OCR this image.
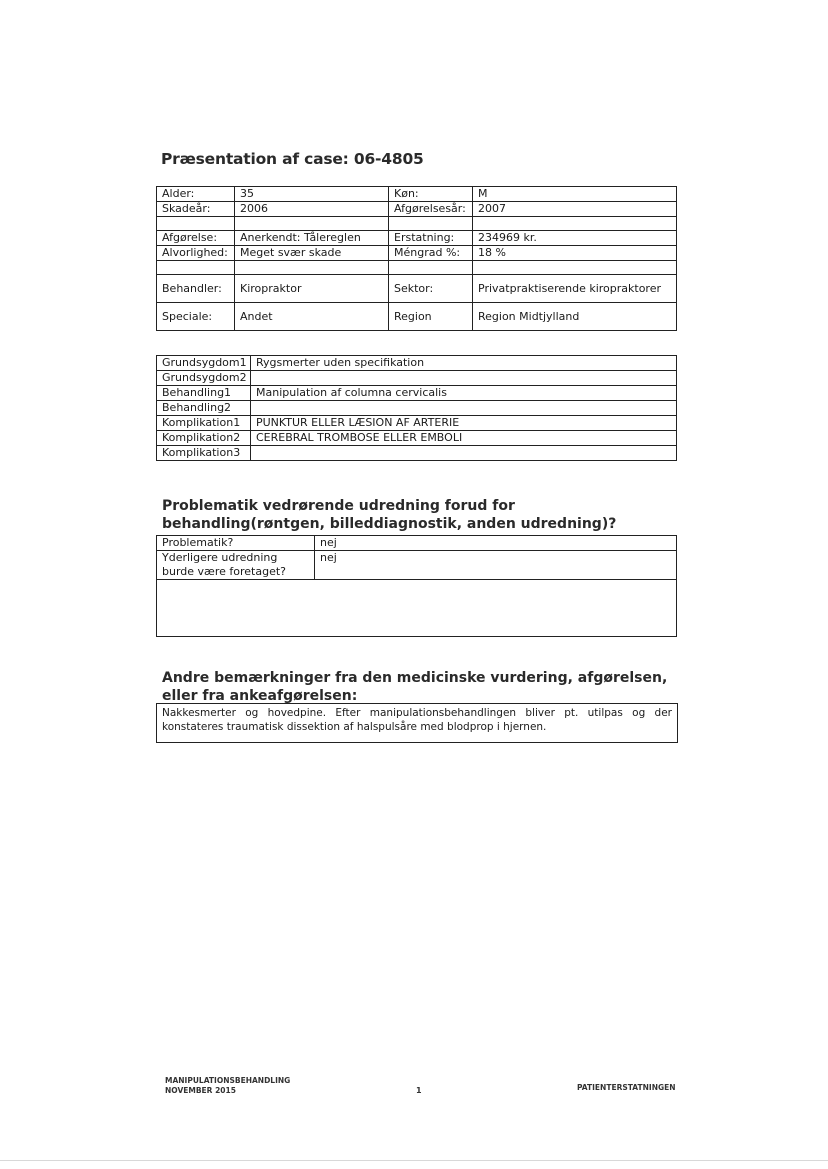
Præsentation af case: 06-4805
Alder:	35	Køn:	M
Skadeår:	2006	Afgørelsesår:	2007

Afgørelse:	Anerkendt: Tålereglen	Erstatning:	234969 kr.
Alvorlighed:	Meget svær skade	Méngrad %:	18 %

Behandler:	Kiropraktor	Sektor:	Privatpraktiserende kiropraktorer
Speciale:	Andet	Region	Region Midtjylland
Grundsygdom1	Rygsmerter uden specifikation
Grundsygdom2	
Behandling1	Manipulation af columna cervicalis
Behandling2	
Komplikation1	PUNKTUR ELLER LÆSION AF ARTERIE
Komplikation2	CEREBRAL TROMBOSE ELLER EMBOLI
Komplikation3	
Problematik vedrørende udredning forud for behandling(røntgen, billeddiagnostik, anden udredning)?
Problematik?	nej
Yderligere udredning burde være foretaget?	nej

Andre bemærkninger fra den medicinske vurdering, afgørelsen, eller fra ankeafgørelsen:
Nakkesmerter og hovedpine. Efter manipulationsbehandlingen bliver pt. utilpas og der konstateres traumatisk dissektion af halspulsåre med blodprop i hjernen.
MANIPULATIONSBEHANDLING
NOVEMBER 2015	1	PATIENTERSTATNINGEN
